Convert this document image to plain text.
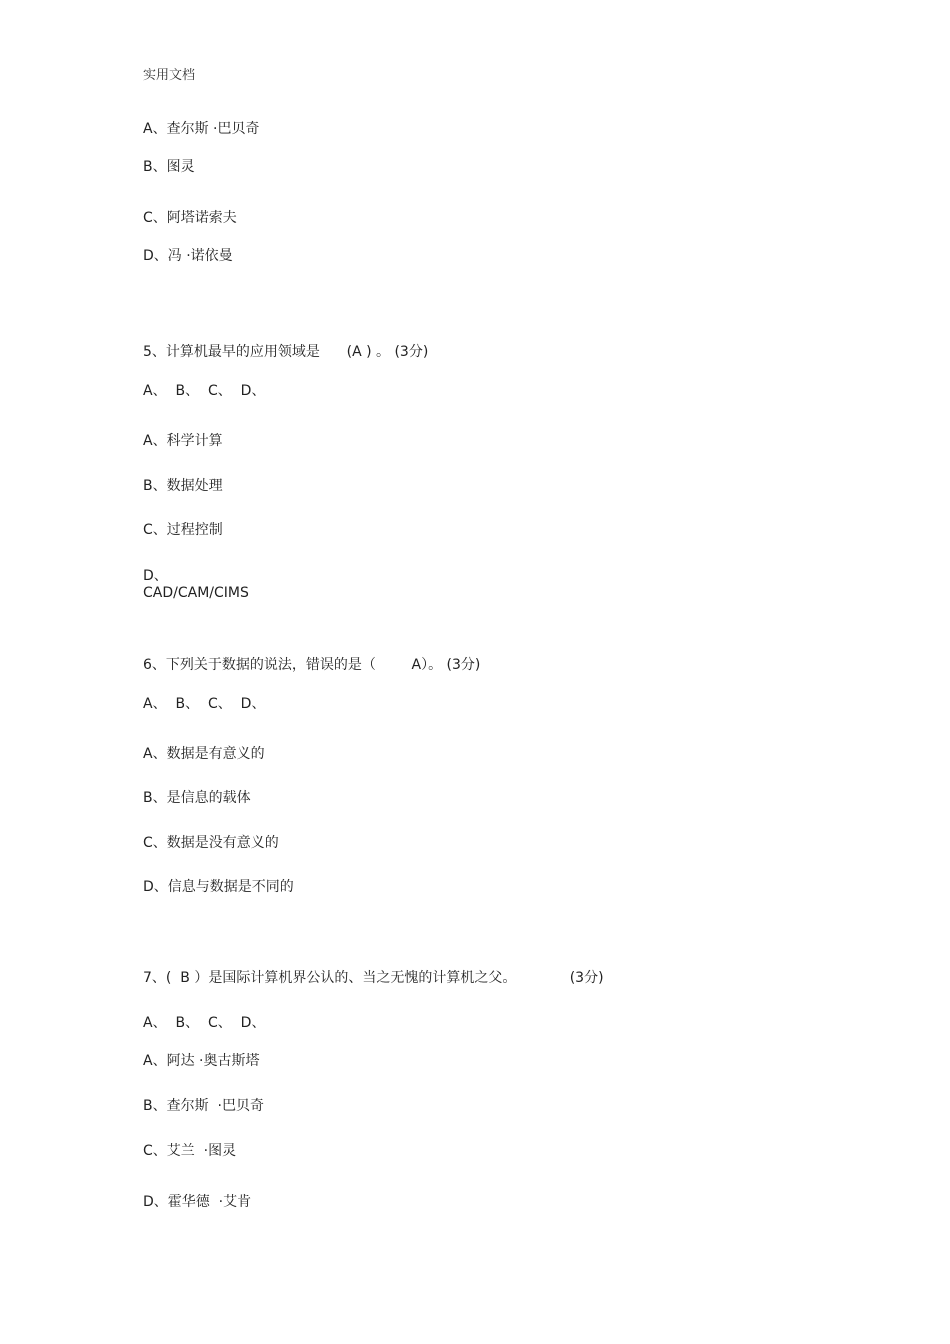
实用文档
A、查尔斯 ·巴贝奇
B、图灵
C、阿塔诺索夫
D、冯 ·诺依曼
5、计算机最早的应用领域是      (A ) 。 (3分)
A、  B、  C、  D、
A、科学计算
B、数据处理
C、过程控制
D、
CAD/CAM/CIMS
6、下列关于数据的说法，错误的是（        A）。 (3分)
A、  B、  C、  D、
A、数据是有意义的
B、是信息的载体
C、数据是没有意义的
D、信息与数据是不同的
7、(  B ）是国际计算机界公认的、当之无愧的计算机之父。            (3分)
A、  B、  C、  D、
A、阿达 ·奥古斯塔
B、查尔斯  ·巴贝奇
C、艾兰  ·图灵
D、霍华德  ·艾肯
